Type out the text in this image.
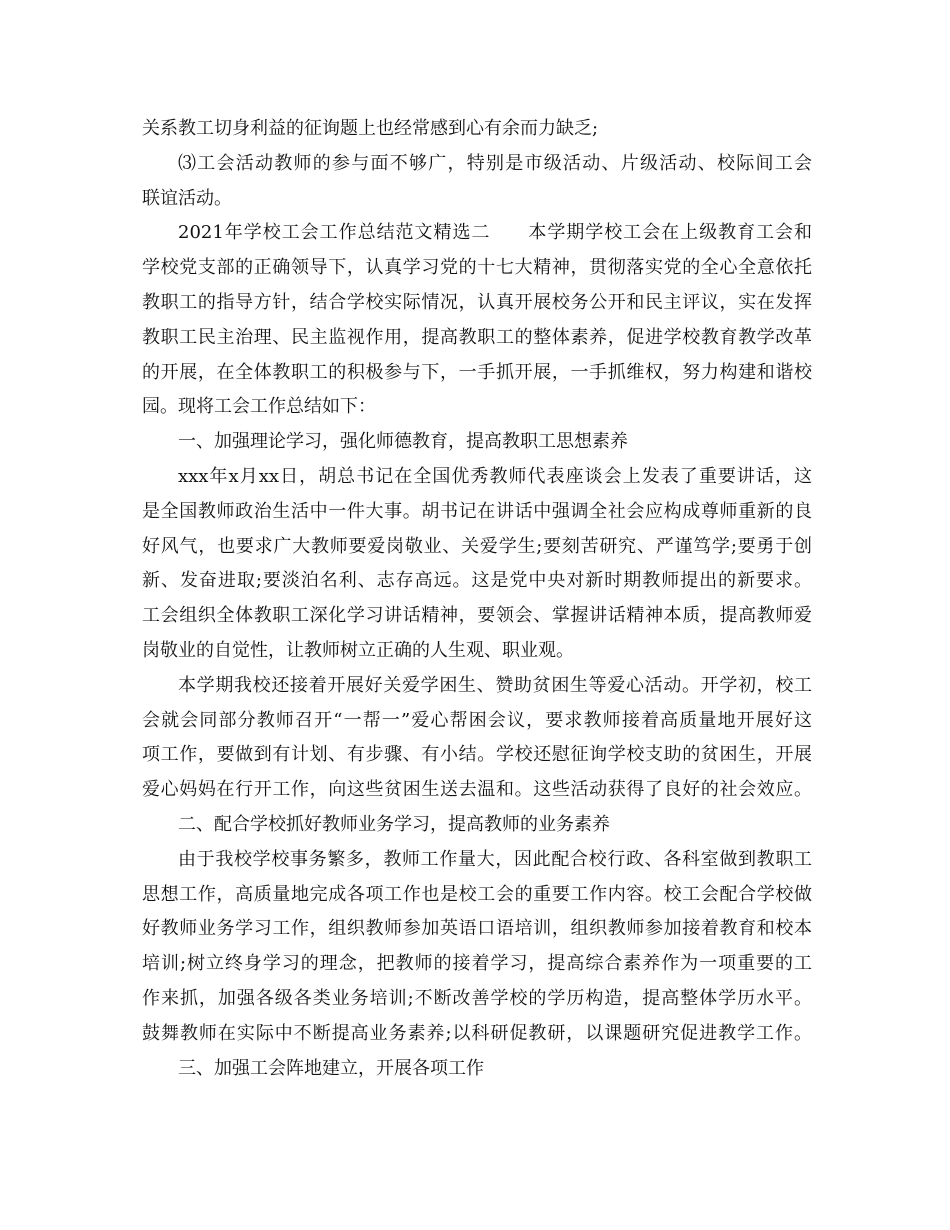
关系教工切身利益的征询题上也经常感到心有余而力缺乏;
⑶工会活动教师的参与面不够广，特别是市级活动、片级活动、校际间工会
联谊活动。
2021年学校工会工作总结范文精选二　　本学期学校工会在上级教育工会和
学校党支部的正确领导下，认真学习党的十七大精神，贯彻落实党的全心全意依托
教职工的指导方针，结合学校实际情况，认真开展校务公开和民主评议，实在发挥
教职工民主治理、民主监视作用，提高教职工的整体素养，促进学校教育教学改革
的开展，在全体教职工的积极参与下，一手抓开展，一手抓维权，努力构建和谐校
园。现将工会工作总结如下：
一、加强理论学习，强化师德教育，提高教职工思想素养
xxx年x月xx日，胡总书记在全国优秀教师代表座谈会上发表了重要讲话，这
是全国教师政治生活中一件大事。胡书记在讲话中强调全社会应构成尊师重新的良
好风气，也要求广大教师要爱岗敬业、关爱学生;要刻苦研究、严谨笃学;要勇于创
新、发奋进取;要淡泊名利、志存高远。这是党中央对新时期教师提出的新要求。
工会组织全体教职工深化学习讲话精神，要领会、掌握讲话精神本质，提高教师爱
岗敬业的自觉性，让教师树立正确的人生观、职业观。
本学期我校还接着开展好关爱学困生、赞助贫困生等爱心活动。开学初，校工
会就会同部分教师召开“一帮一”爱心帮困会议，要求教师接着高质量地开展好这
项工作，要做到有计划、有步骤、有小结。学校还慰征询学校支助的贫困生，开展
爱心妈妈在行开工作，向这些贫困生送去温和。这些活动获得了良好的社会效应。
二、配合学校抓好教师业务学习，提高教师的业务素养
由于我校学校事务繁多，教师工作量大，因此配合校行政、各科室做到教职工
思想工作，高质量地完成各项工作也是校工会的重要工作内容。校工会配合学校做
好教师业务学习工作，组织教师参加英语口语培训，组织教师参加接着教育和校本
培训;树立终身学习的理念，把教师的接着学习，提高综合素养作为一项重要的工
作来抓，加强各级各类业务培训;不断改善学校的学历构造，提高整体学历水平。
鼓舞教师在实际中不断提高业务素养;以科研促教研，以课题研究促进教学工作。
三、加强工会阵地建立，开展各项工作
